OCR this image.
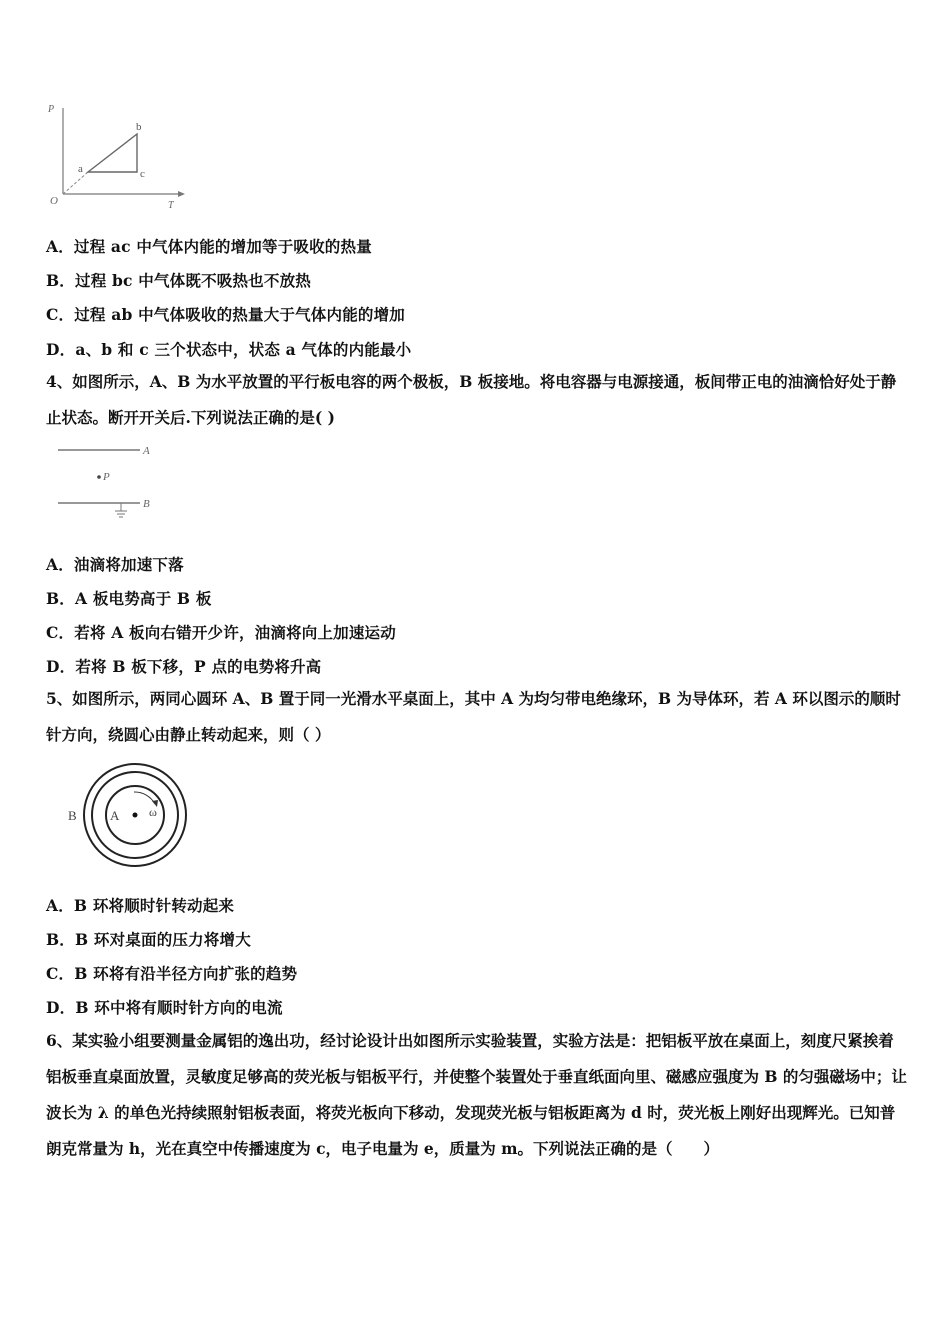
P
T
O
a
b
c
A．过程 ac 中气体内能的增加等于吸收的热量
B．过程 bc 中气体既不吸热也不放热
C．过程 ab 中气体吸收的热量大于气体内能的增加
D．a、b 和 c 三个状态中，状态 a 气体的内能最小
4、如图所示，A、B 为水平放置的平行板电容的两个极板，B 板接地。将电容器与电源接通，板间带正电的油滴恰好处于静止状态。断开开关后.下列说法正确的是( )
A
B
P
A．油滴将加速下落
B．A 板电势高于 B 板
C．若将 A 板向右错开少许，油滴将向上加速运动
D．若将 B 板下移，P 点的电势将升高
5、如图所示，两同心圆环 A、B 置于同一光滑水平桌面上，其中 A 为均匀带电绝缘环，B 为导体环，若 A 环以图示的顺时针方向，绕圆心由静止转动起来，则（ ）
B	A ω
A．B 环将顺时针转动起来
B．B 环对桌面的压力将增大
C．B 环将有沿半径方向扩张的趋势
D．B 环中将有顺时针方向的电流
6、某实验小组要测量金属铝的逸出功，经讨论设计出如图所示实验装置，实验方法是：把铝板平放在桌面上，刻度尺紧挨着铝板垂直桌面放置，灵敏度足够高的荧光板与铝板平行，并使整个装置处于垂直纸面向里、磁感应强度为 B 的匀强磁场中；让波长为 λ 的单色光持续照射铝板表面，将荧光板向下移动，发现荧光板与铝板距离为 d 时，荧光板上刚好出现辉光。已知普朗克常量为 h，光在真空中传播速度为 c，电子电量为 e，质量为 m。下列说法正确的是（　　）
